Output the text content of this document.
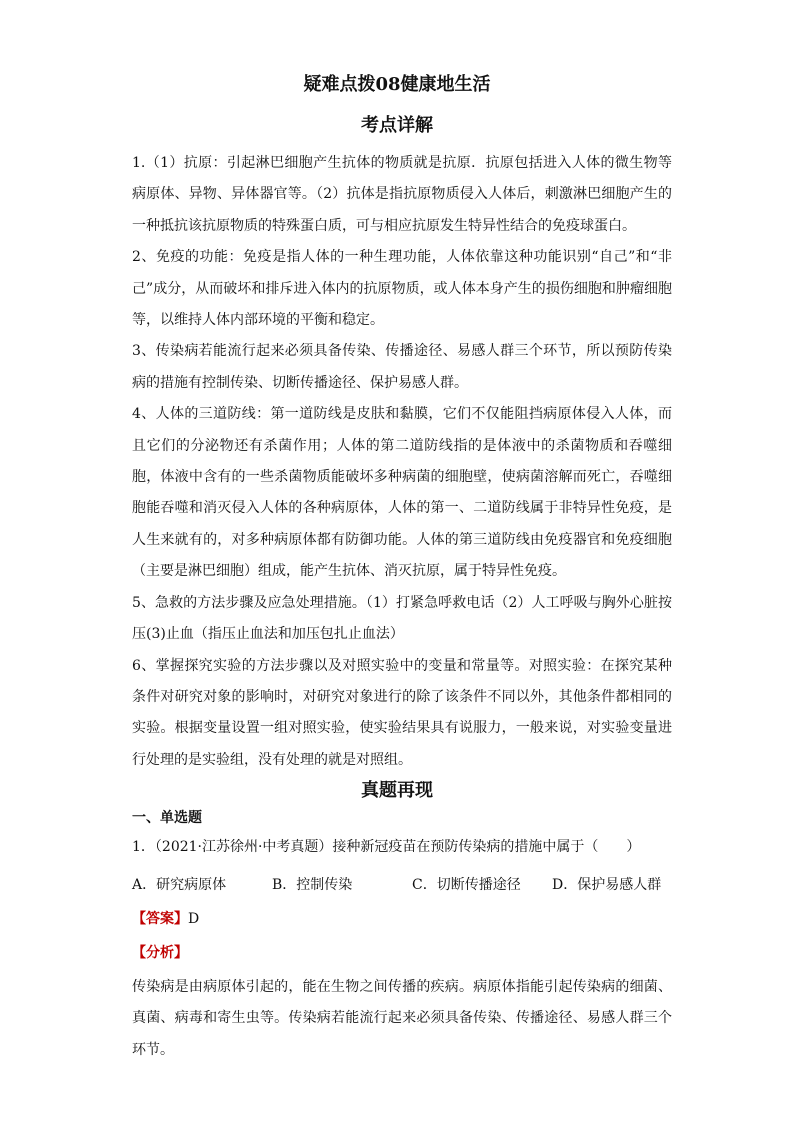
疑难点拨08健康地生活
考点详解

1.（1）抗原：引起淋巴细胞产生抗体的物质就是抗原．抗原包括进入人体的微生物等病原体、异物、异体器官等。（2）抗体是指抗原物质侵入人体后，刺激淋巴细胞产生的一种抵抗该抗原物质的特殊蛋白质，可与相应抗原发生特异性结合的免疫球蛋白。

2、免疫的功能：免疫是指人体的一种生理功能，人体依靠这种功能识别“自己”和“非己”成分，从而破坏和排斥进入体内的抗原物质，或人体本身产生的损伤细胞和肿瘤细胞等，以维持人体内部环境的平衡和稳定。

3、传染病若能流行起来必须具备传染、传播途径、易感人群三个环节，所以预防传染病的措施有控制传染、切断传播途径、保护易感人群。

4、人体的三道防线：第一道防线是皮肤和黏膜，它们不仅能阻挡病原体侵入人体，而且它们的分泌物还有杀菌作用；人体的第二道防线指的是体液中的杀菌物质和吞噬细胞，体液中含有的一些杀菌物质能破坏多种病菌的细胞壁，使病菌溶解而死亡，吞噬细胞能吞噬和消灭侵入人体的各种病原体，人体的第一、二道防线属于非特异性免疫，是人生来就有的，对多种病原体都有防御功能。人体的第三道防线由免疫器官和免疫细胞（主要是淋巴细胞）组成，能产生抗体、消灭抗原，属于特异性免疫。

5、急救的方法步骤及应急处理措施。（1）打紧急呼救电话（2）人工呼吸与胸外心脏按压(3)止血（指压止血法和加压包扎止血法）

6、掌握探究实验的方法步骤以及对照实验中的变量和常量等。对照实验：在探究某种条件对研究对象的影响时，对研究对象进行的除了该条件不同以外，其他条件都相同的实验。根据变量设置一组对照实验，使实验结果具有说服力，一般来说，对实验变量进行处理的是实验组，没有处理的就是对照组。

真题再现
一、单选题
1．（2021·江苏徐州·中考真题）接种新冠疫苗在预防传染病的措施中属于（　　）
A．研究病原体	B．控制传染	C．切断传播途径	D．保护易感人群
【答案】D
【分析】
传染病是由病原体引起的，能在生物之间传播的疾病。病原体指能引起传染病的细菌、真菌、病毒和寄生虫等。传染病若能流行起来必须具备传染、传播途径、易感人群三个环节。
